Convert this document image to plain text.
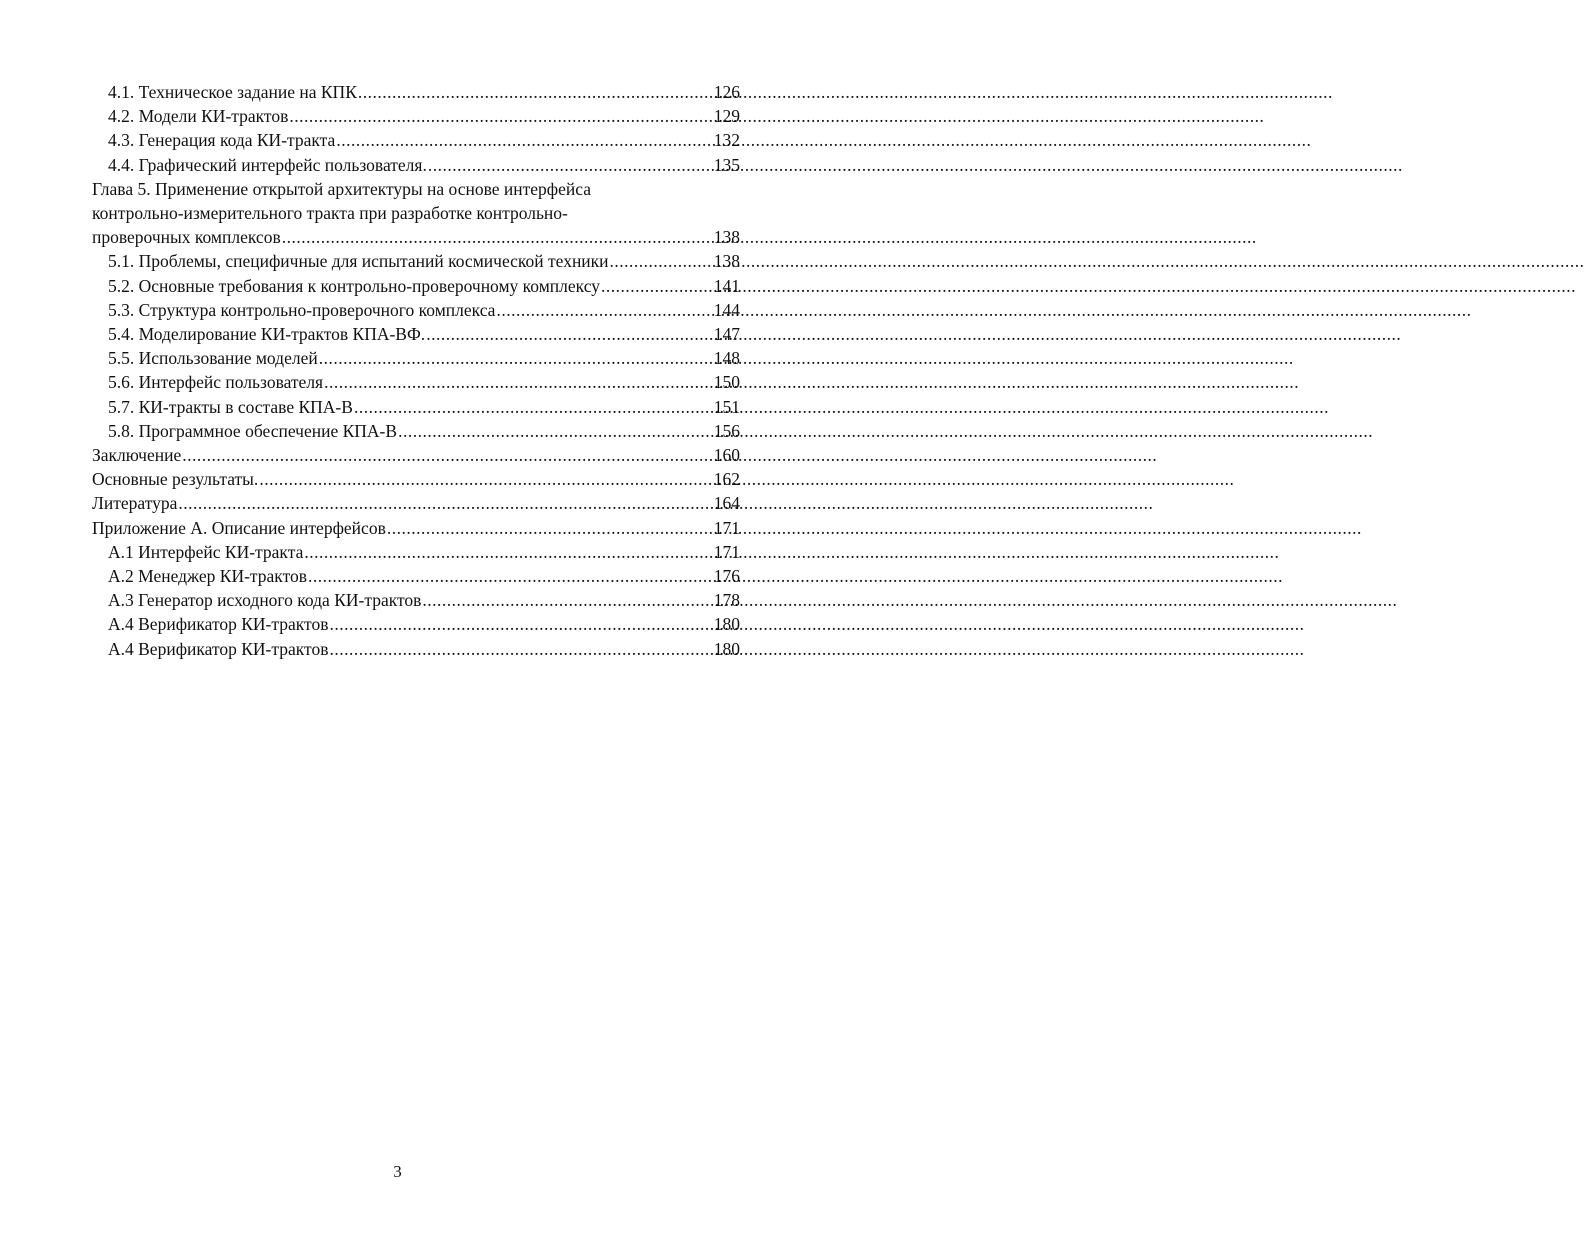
4.1. Техническое задание на КПК .....	126
4.2. Модели КИ-трактов .....	129
4.3. Генерация кода КИ-тракта .....	132
4.4. Графический интерфейс пользователя. .....	135
Глава 5. Применение открытой архитектуры на основе интерфейса
контрольно-измерительного тракта при разработке контрольно-
проверочных комплексов .....	138
5.1. Проблемы, специфичные для испытаний космической техники .....	138
5.2. Основные требования к контрольно-проверочному комплексу .....	141
5.3. Структура контрольно-проверочного комплекса .....	144
5.4. Моделирование КИ-трактов КПА-ВФ. .....	147
5.5. Использование моделей .....	148
5.6. Интерфейс пользователя .....	150
5.7. КИ-тракты в составе КПА-В .....	151
5.8. Программное обеспечение КПА-В .....	156
Заключение .....	160
Основные результаты. .....	162
Литература .....	164
Приложение А. Описание интерфейсов .....	171
А.1 Интерфейс КИ-тракта .....	171
А.2 Менеджер КИ-трактов .....	176
А.3 Генератор исходного кода КИ-трактов .....	178
А.4 Верификатор КИ-трактов .....	180
А.4 Верификатор КИ-трактов .....	180
3
